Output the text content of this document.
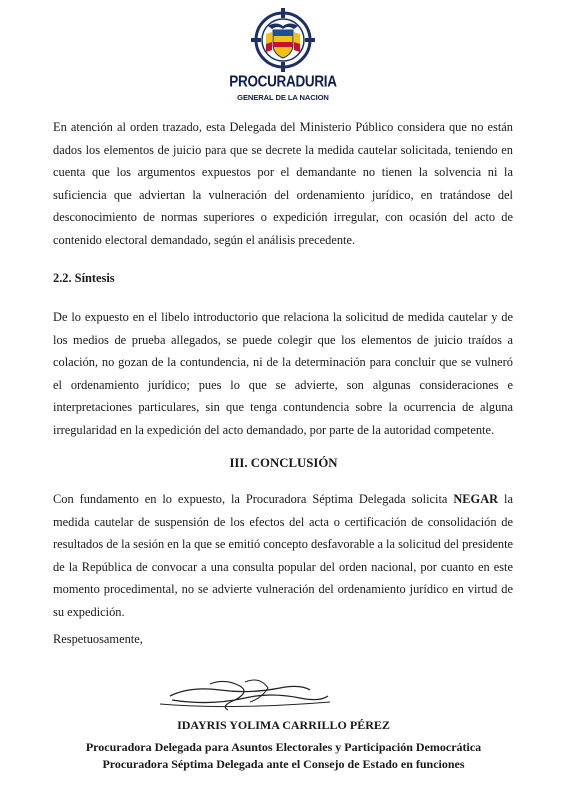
PROCURADURIA
GENERAL DE LA NACION
En atención al orden trazado, esta Delegada del Ministerio Público considera que no están
dados los elementos de juicio para que se decrete la medida cautelar solicitada, teniendo en
cuenta que los argumentos expuestos por el demandante no tienen la solvencia ni la
suficiencia que adviertan la vulneración del ordenamiento jurídico, en tratándose del
desconocimiento de normas superiores o expedición irregular, con ocasión del acto de
contenido electoral demandado, según el análisis precedente.
2.2. Síntesis
De lo expuesto en el libelo introductorio que relaciona la solicitud de medida cautelar y de
los medios de prueba allegados, se puede colegir que los elementos de juicio traídos a
colación, no gozan de la contundencia, ni de la determinación para concluir que se vulneró
el ordenamiento jurídico; pues lo que se advierte, son algunas consideraciones e
interpretaciones particulares, sin que tenga contundencia sobre la ocurrencia de alguna
irregularidad en la expedición del acto demandado, por parte de la autoridad competente.
III. CONCLUSIÓN
Con fundamento en lo expuesto, la Procuradora Séptima Delegada solicita NEGAR la
medida cautelar de suspensión de los efectos del acta o certificación de consolidación de
resultados de la sesión en la que se emitió concepto desfavorable a la solicitud del presidente
de la República de convocar a una consulta popular del orden nacional, por cuanto en este
momento procedimental, no se advierte vulneración del ordenamiento jurídico en virtud de
su expedición.
Respetuosamente,
IDAYRIS YOLIMA CARRILLO PÉREZ
Procuradora Delegada para Asuntos Electorales y Participación Democrática
Procuradora Séptima Delegada ante el Consejo de Estado en funciones
